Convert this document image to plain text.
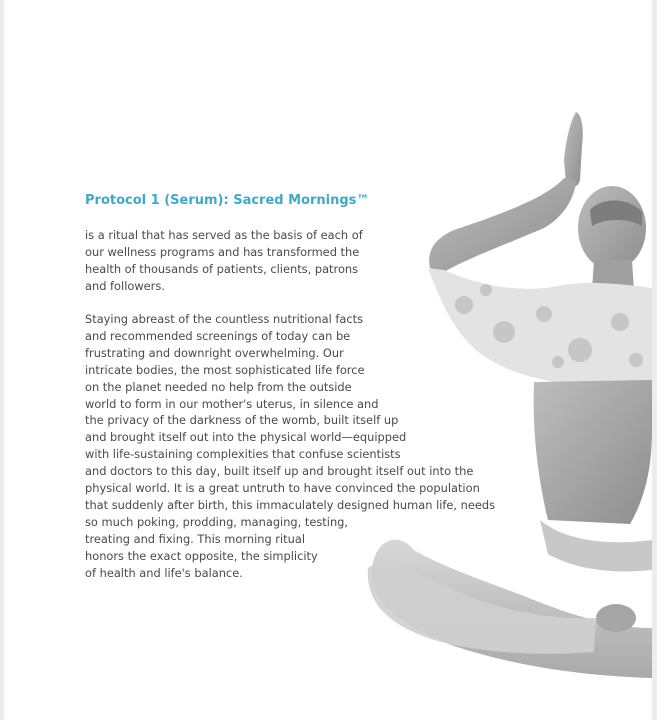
Protocol 1 (Serum): Sacred Mornings™

is a ritual that has served as the basis of each of
our wellness programs and has transformed the
health of thousands of patients, clients, patrons
and followers.

Staying abreast of the countless nutritional facts
and recommended screenings of today can be
frustrating and downright overwhelming. Our
intricate bodies, the most sophisticated life force
on the planet needed no help from the outside
world to form in our mother's uterus, in silence and
the privacy of the darkness of the womb, built itself up
and brought itself out into the physical world—equipped
with life-sustaining complexities that confuse scientists
and doctors to this day, built itself up and brought itself out into the
physical world. It is a great untruth to have convinced the population
that suddenly after birth, this immaculately designed human life, needs
so much poking, prodding, managing, testing,
treating and fixing. This morning ritual
honors the exact opposite, the simplicity
of health and life's balance.
